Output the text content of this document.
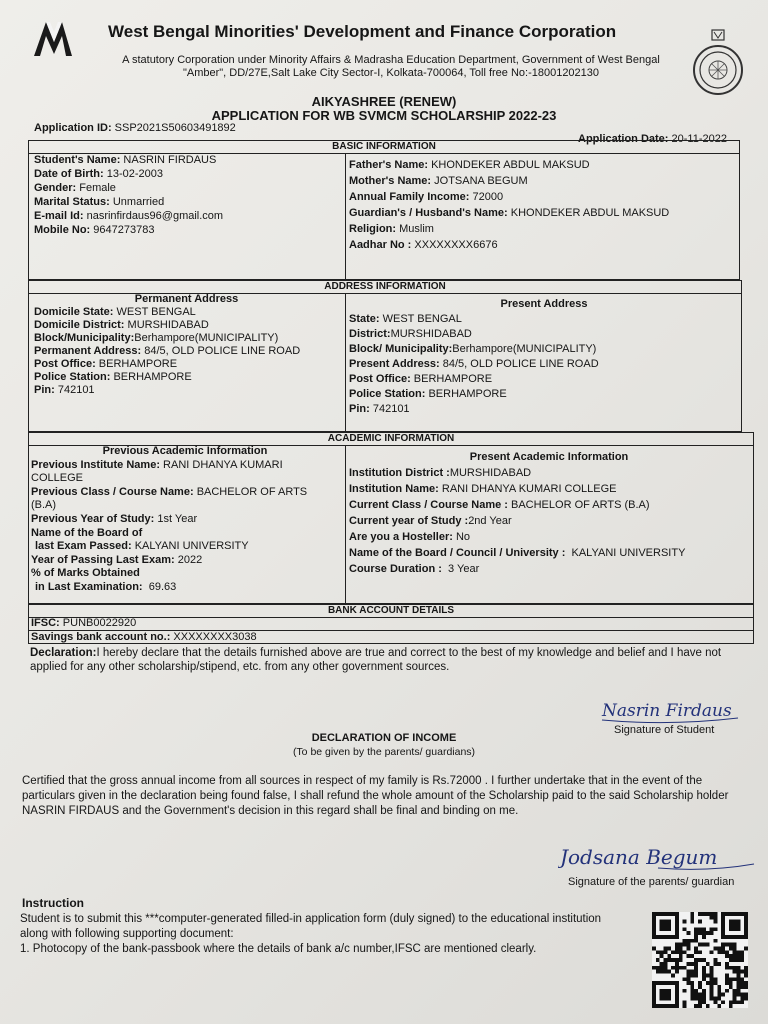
West Bengal Minorities' Development and Finance Corporation
A statutory Corporation under Minority Affairs & Madrasha Education Department, Government of West Bengal
"Amber", DD/27E,Salt Lake City Sector-I, Kolkata-700064, Toll free No:-18001202130
AIKYASHREE (RENEW)
APPLICATION FOR WB SVMCM SCHOLARSHIP 2022-23
Application ID: SSP2021S50603491892
Application Date: 20-11-2022
BASIC INFORMATION
Student's Name: NASRIN FIRDAUS
Date of Birth: 13-02-2003
Gender: Female
Marital Status: Unmarried
E-mail Id: nasrinfirdaus96@gmail.com
Mobile No: 9647273783
Father's Name: KHONDEKER ABDUL MAKSUD
Mother's Name: JOTSANA BEGUM
Annual Family Income: 72000
Guardian's / Husband's Name: KHONDEKER ABDUL MAKSUD
Religion: Muslim
Aadhar No : XXXXXXXX6676
ADDRESS INFORMATION
Permanent Address
Domicile State: WEST BENGAL
Domicile District: MURSHIDABAD
Block/Municipality:Berhampore(MUNICIPALITY)
Permanent Address: 84/5, OLD POLICE LINE ROAD
Post Office: BERHAMPORE
Police Station: BERHAMPORE
Pin: 742101
Present Address
State: WEST BENGAL
District:MURSHIDABAD
Block/ Municipality:Berhampore(MUNICIPALITY)
Present Address: 84/5, OLD POLICE LINE ROAD
Post Office: BERHAMPORE
Police Station: BERHAMPORE
Pin: 742101
ACADEMIC INFORMATION
Previous Academic Information
Previous Institute Name: RANI DHANYA KUMARI
COLLEGE
Previous Class / Course Name: BACHELOR OF ARTS
(B.A)
Previous Year of Study: 1st Year
Name of the Board of
last Exam Passed: KALYANI UNIVERSITY
Year of Passing Last Exam: 2022
% of Marks Obtained
in Last Examination: 69.63
Present Academic Information
Institution District :MURSHIDABAD
Institution Name: RANI DHANYA KUMARI COLLEGE
Current Class / Course Name : BACHELOR OF ARTS (B.A)
Current year of Study :2nd Year
Are you a Hosteller: No
Name of the Board / Council / University : KALYANI UNIVERSITY
Course Duration : 3 Year
BANK ACCOUNT DETAILS
IFSC: PUNB0022920
Savings bank account no.: XXXXXXXX3038
Declaration:I hereby declare that the details furnished above are true and correct to the best of my knowledge and belief and I have not applied for any other scholarship/stipend, etc. from any other government sources.
Nasrin Firdaus
Signature of Student
DECLARATION OF INCOME
(To be given by the parents/ guardians)
Certified that the gross annual income from all sources in respect of my family is Rs.72000 . I further undertake that in the event of the particulars given in the declaration being found false, I shall refund the whole amount of the Scholarship paid to the said Scholarship holder NASRIN FIRDAUS and the Government's decision in this regard shall be final and binding on me.
Jodsana Begum
Signature of the parents/ guardian
Instruction
Student is to submit this ***computer-generated filled-in application form (duly signed) to the educational institution along with following supporting document:
1. Photocopy of the bank-passbook where the details of bank a/c number,IFSC are mentioned clearly.
